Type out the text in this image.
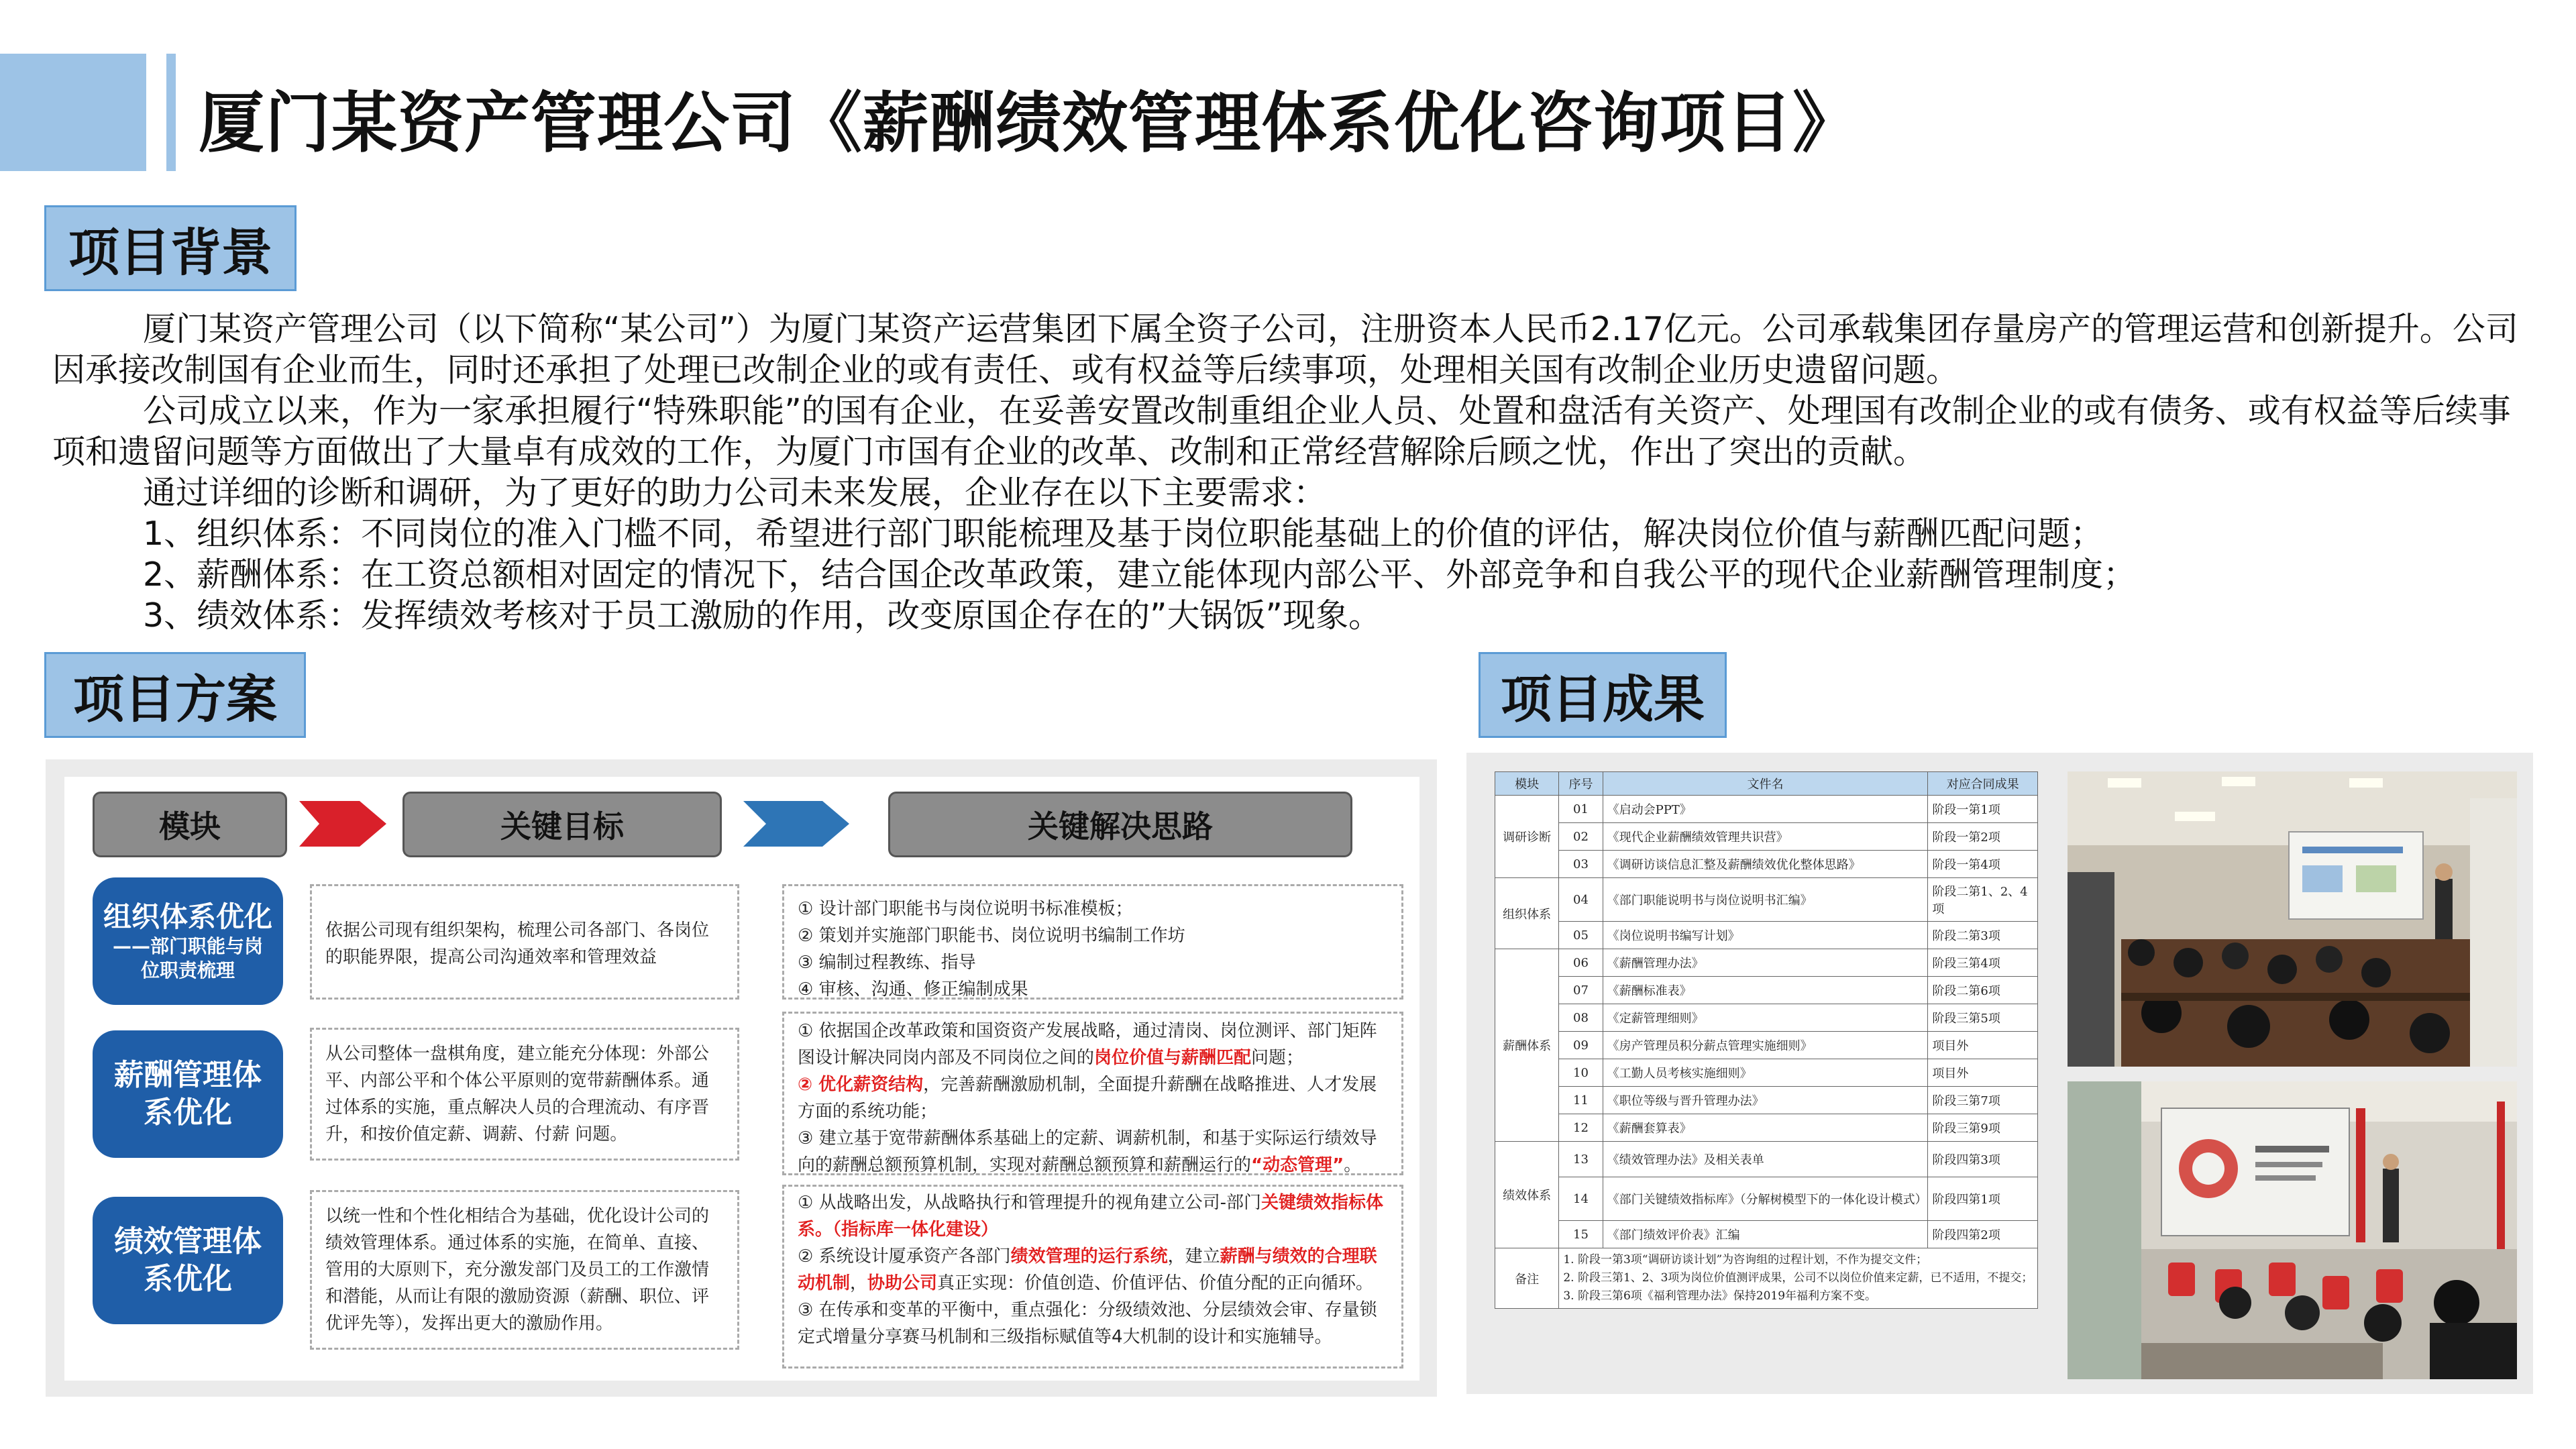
厦门某资产管理公司《薪酬绩效管理体系优化咨询项目》
项目背景

厦门某资产管理公司（以下简称“某公司”）为厦门某资产运营集团下属全资子公司，注册资本人民币2.17亿元。公司承载集团存量房产的管理运营和创新提升。公司因承接改制国有企业而生，同时还承担了处理已改制企业的或有责任、或有权益等后续事项，处理相关国有改制企业历史遗留问题。

公司成立以来，作为一家承担履行“特殊职能”的国有企业，在妥善安置改制重组企业人员、处置和盘活有关资产、处理国有改制企业的或有债务、或有权益等后续事项和遗留问题等方面做出了大量卓有成效的工作，为厦门市国有企业的改革、改制和正常经营解除后顾之忧，作出了突出的贡献。

通过详细的诊断和调研，为了更好的助力公司未来发展，企业存在以下主要需求：

1、组织体系：不同岗位的准入门槛不同，希望进行部门职能梳理及基于岗位职能基础上的价值的评估，解决岗位价值与薪酬匹配问题；

2、薪酬体系：在工资总额相对固定的情况下，结合国企改革政策，建立能体现内部公平、外部竞争和自我公平的现代企业薪酬管理制度；

3、绩效体系：发挥绩效考核对于员工激励的作用，改变原国企存在的”大锅饭”现象。

项目方案	项目成果
模块	关键目标	关键解决思路
组织体系优化
——部门职能与岗位职责梳理

依据公司现有组织架构，梳理公司各部门、各岗位的职能界限，提高公司沟通效率和管理效益

① 设计部门职能书与岗位说明书标准模板；

② 策划并实施部门职能书、岗位说明书编制工作坊

③ 编制过程教练、指导

④ 审核、沟通、修正编制成果

薪酬管理体系优化

从公司整体一盘棋角度，建立能充分体现：外部公平、内部公平和个体公平原则的宽带薪酬体系。通过体系的实施，重点解决人员的合理流动、有序晋升，和按价值定薪、调薪、付薪 问题。

① 依据国企改革政策和国资资产发展战略，通过清岗、岗位测评、部门矩阵图设计解决同岗内部及不同岗位之间的岗位价值与薪酬匹配问题；

② 优化薪资结构，完善薪酬激励机制，全面提升薪酬在战略推进、人才发展方面的系统功能；

③ 建立基于宽带薪酬体系基础上的定薪、调薪机制，和基于实际运行绩效导向的薪酬总额预算机制，实现对薪酬总额预算和薪酬运行的“动态管理”。

绩效管理体系优化

以统一性和个性化相结合为基础，优化设计公司的绩效管理体系。通过体系的实施，在简单、直接、管用的大原则下，充分激发部门及员工的工作激情和潜能，从而让有限的激励资源（薪酬、职位、评优评先等），发挥出更大的激励作用。

① 从战略出发，从战略执行和管理提升的视角建立公司-部门关键绩效指标体系。（指标库一体化建设）

② 系统设计厦承资产各部门绩效管理的运行系统，建立薪酬与绩效的合理联动机制，协助公司真正实现：价值创造、价值评估、价值分配的正向循环。

③ 在传承和变革的平衡中，重点强化：分级绩效池、分层绩效会审、存量锁定式增量分享赛马机制和三级指标赋值等4大机制的设计和实施辅导。

模块	序号	文件名	对应合同成果
调研诊断	01	《启动会PPT》	阶段一第1项
	02	《现代企业薪酬绩效管理共识营》	阶段一第2项
	03	《调研访谈信息汇整及薪酬绩效优化整体思路》	阶段一第4项
组织体系	04	《部门职能说明书与岗位说明书汇编》	阶段二第1、2、4项
	05	《岗位说明书编写计划》	阶段二第3项
薪酬体系	06	《薪酬管理办法》	阶段三第4项
	07	《薪酬标准表》	阶段二第6项
	08	《定薪管理细则》	阶段三第5项
	09	《房产管理员积分薪点管理实施细则》	项目外
	10	《工勤人员考核实施细则》	项目外
	11	《职位等级与晋升管理办法》	阶段三第7项
	12	《薪酬套算表》	阶段三第9项
绩效体系	13	《绩效管理办法》及相关表单	阶段四第3项
	14	《部门关键绩效指标库》（分解树模型下的一体化设计模式）	阶段四第1项
	15	《部门绩效评价表》汇编	阶段四第2项
备注	1. 阶段一第3项“调研访谈计划”为咨询组的过程计划，不作为提交文件；
2. 阶段三第1、2、3项为岗位价值测评成果，公司不以岗位价值来定薪，已不适用，不提交；
3. 阶段三第6项《福利管理办法》保持2019年福利方案不变。		
